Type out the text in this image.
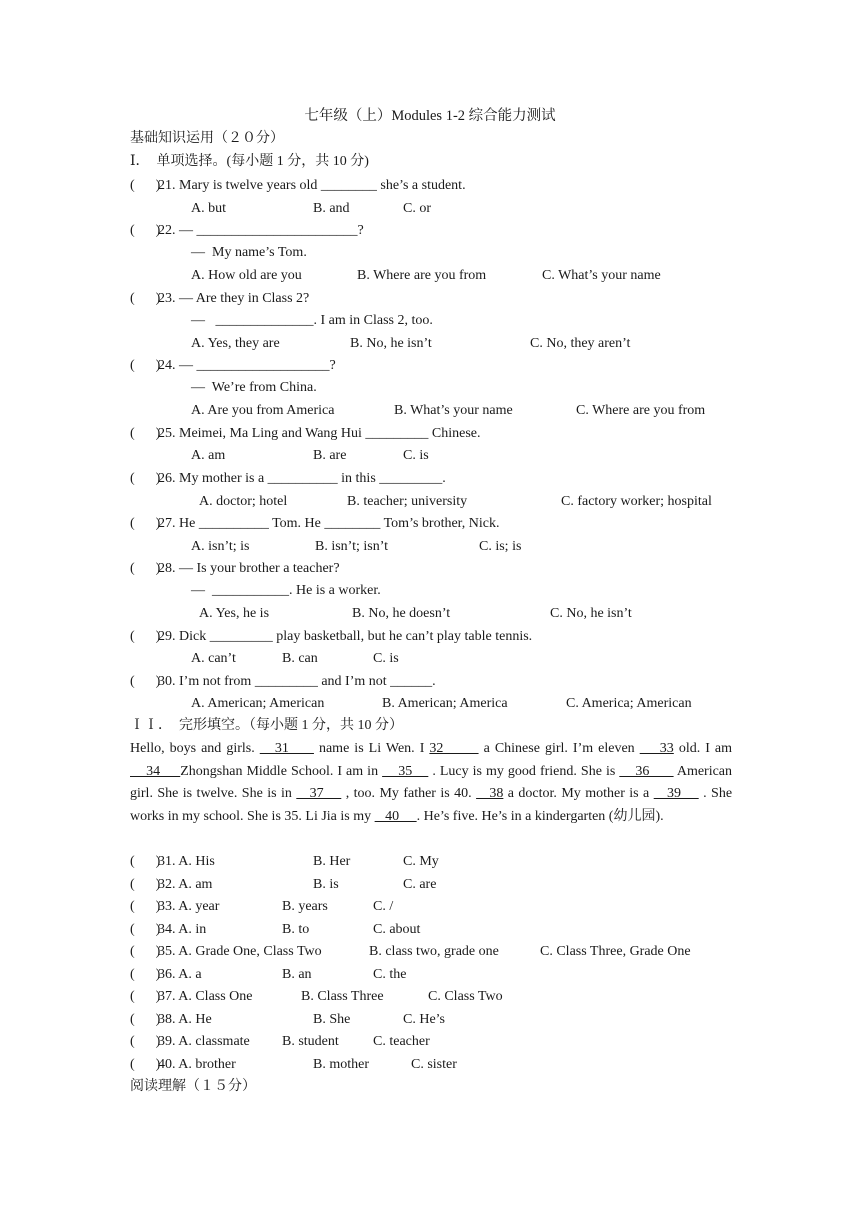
七年级（上）Modules 1-2 综合能力测试
基础知识运用（２０分）
Ⅰ．  单项选择。(每小题 1 分，共 10 分)
(      )
21. Mary is twelve years old ________ she’s a student.
A. but	B. and	C. or
(      )
22. — _______________________?
—  My name’s Tom.
A. How old are you	B. Where are you from	C. What’s your name
(      )
23. — Are they in Class 2?
—   ______________. I am in Class 2, too.
A. Yes, they are	B. No, he isn’t	C. No, they aren’t
(      )
24. — ___________________?
—  We’re from China.
A. Are you from America	B. What’s your name	C. Where are you from
(      )
25. Meimei, Ma Ling and Wang Hui _________ Chinese.
A. am	B. are	C. is
(      )
26. My mother is a __________ in this _________.
A. doctor; hotel	B. teacher; university	C. factory worker; hospital
(      )
27. He __________ Tom. He ________ Tom’s brother, Nick.
A. isn’t; is	B. isn’t; isn’t	C. is; is
(      )
28. — Is your brother a teacher?
—  ___________. He is a worker.
A. Yes, he is	B. No, he doesn’t	C. No, he isn’t
(      )
29. Dick _________ play basketball, but he can’t play table tennis.
A. can’t	B. can	C. is
(      )
30. I’m not from _________ and I’m not ______.
A. American; American	B. American; America	C. America; American
ＩＩ．  完形填空。（每小题 1 分，共 10 分）
Hello, boys and girls.    31      name is Li Wen. I 32        a Chinese girl. I’m eleven     33 old. I am     34     Zhongshan Middle School. I am in     35     . Lucy is my good friend. She is     36       American girl. She is twelve. She is in    37     , too. My father is 40.    38 a doctor. My mother is a    39     . She works in my school. She is 35. Li Jia is my    40     . He’s five. He’s in a kindergarten (幼儿园).
(      )
31. A. His	B. Her	C. My
(      )
32. A. am	B. is	C. are
(      )
33. A. year	B. years	C. /
(      )
34. A. in	B. to	C. about
(      )
35. A. Grade One, Class Two	B. class two, grade one	C. Class Three, Grade One
(      )
36. A. a	B. an	C. the
(      )
37. A. Class One	B. Class Three	C. Class Two
(      )
38. A. He	B. She	C. He’s
(      )
39. A. classmate B. student C. teacher
(      )
40. A. brother	B. mother	C. sister
阅读理解（１５分）
